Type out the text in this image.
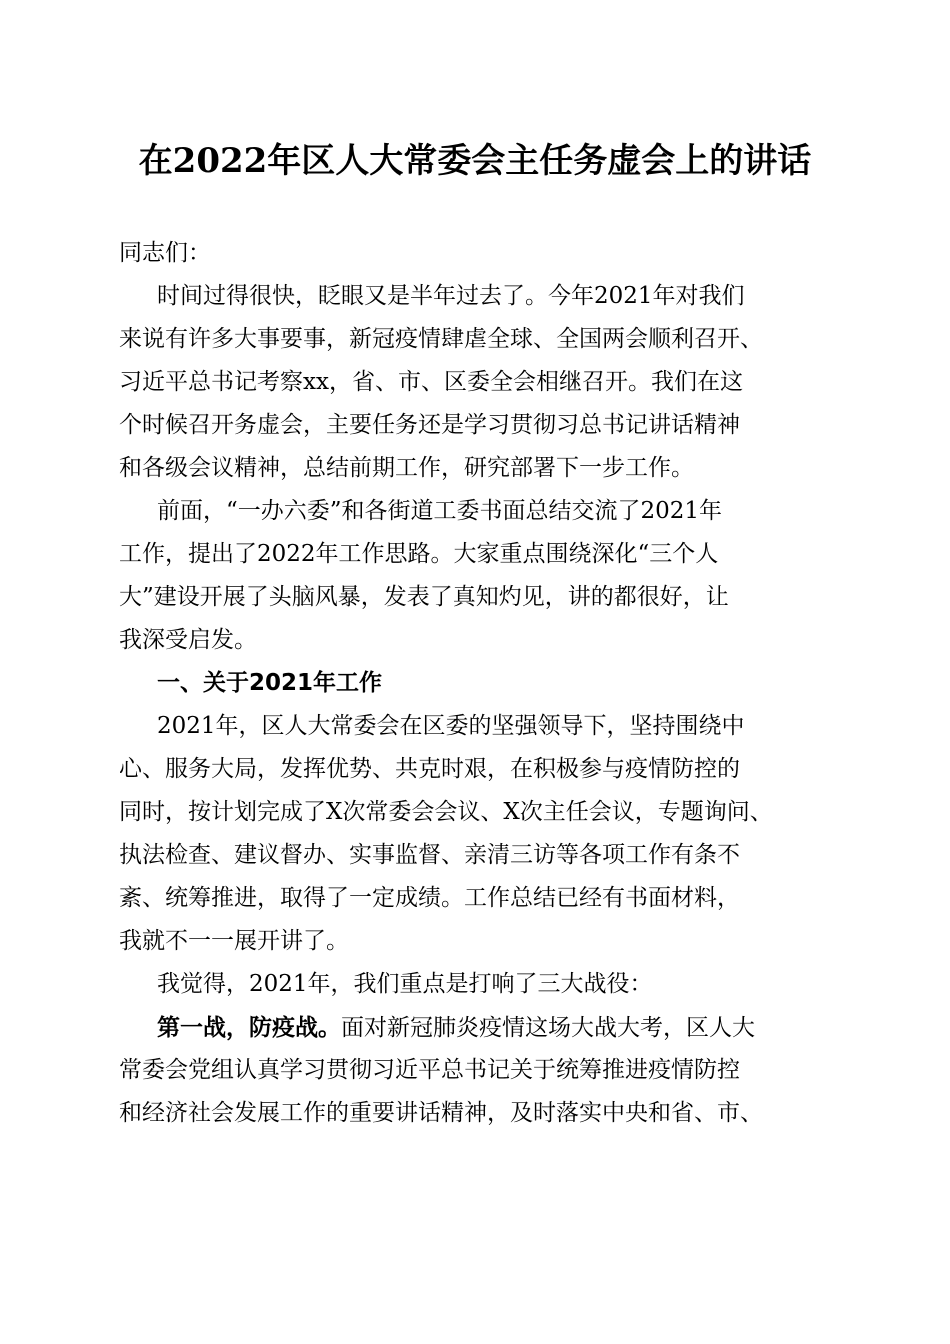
在2022年区人大常委会主任务虚会上的讲话
同志们：
时间过得很快，眨眼又是半年过去了。今年2021年对我们
来说有许多大事要事，新冠疫情肆虐全球、全国两会顺利召开、
习近平总书记考察xx，省、市、区委全会相继召开。我们在这
个时候召开务虚会，主要任务还是学习贯彻习总书记讲话精神
和各级会议精神，总结前期工作，研究部署下一步工作。
前面，“一办六委”和各街道工委书面总结交流了2021年
工作，提出了2022年工作思路。大家重点围绕深化“三个人
大”建设开展了头脑风暴，发表了真知灼见，讲的都很好，让
我深受启发。
一、关于2021年工作
2021年，区人大常委会在区委的坚强领导下，坚持围绕中
心、服务大局，发挥优势、共克时艰，在积极参与疫情防控的
同时，按计划完成了X次常委会会议、X次主任会议，专题询问、
执法检查、建议督办、实事监督、亲清三访等各项工作有条不
紊、统筹推进，取得了一定成绩。工作总结已经有书面材料，
我就不一一展开讲了。
我觉得，2021年，我们重点是打响了三大战役：
第一战，防疫战。面对新冠肺炎疫情这场大战大考，区人大
常委会党组认真学习贯彻习近平总书记关于统筹推进疫情防控
和经济社会发展工作的重要讲话精神，及时落实中央和省、市、
